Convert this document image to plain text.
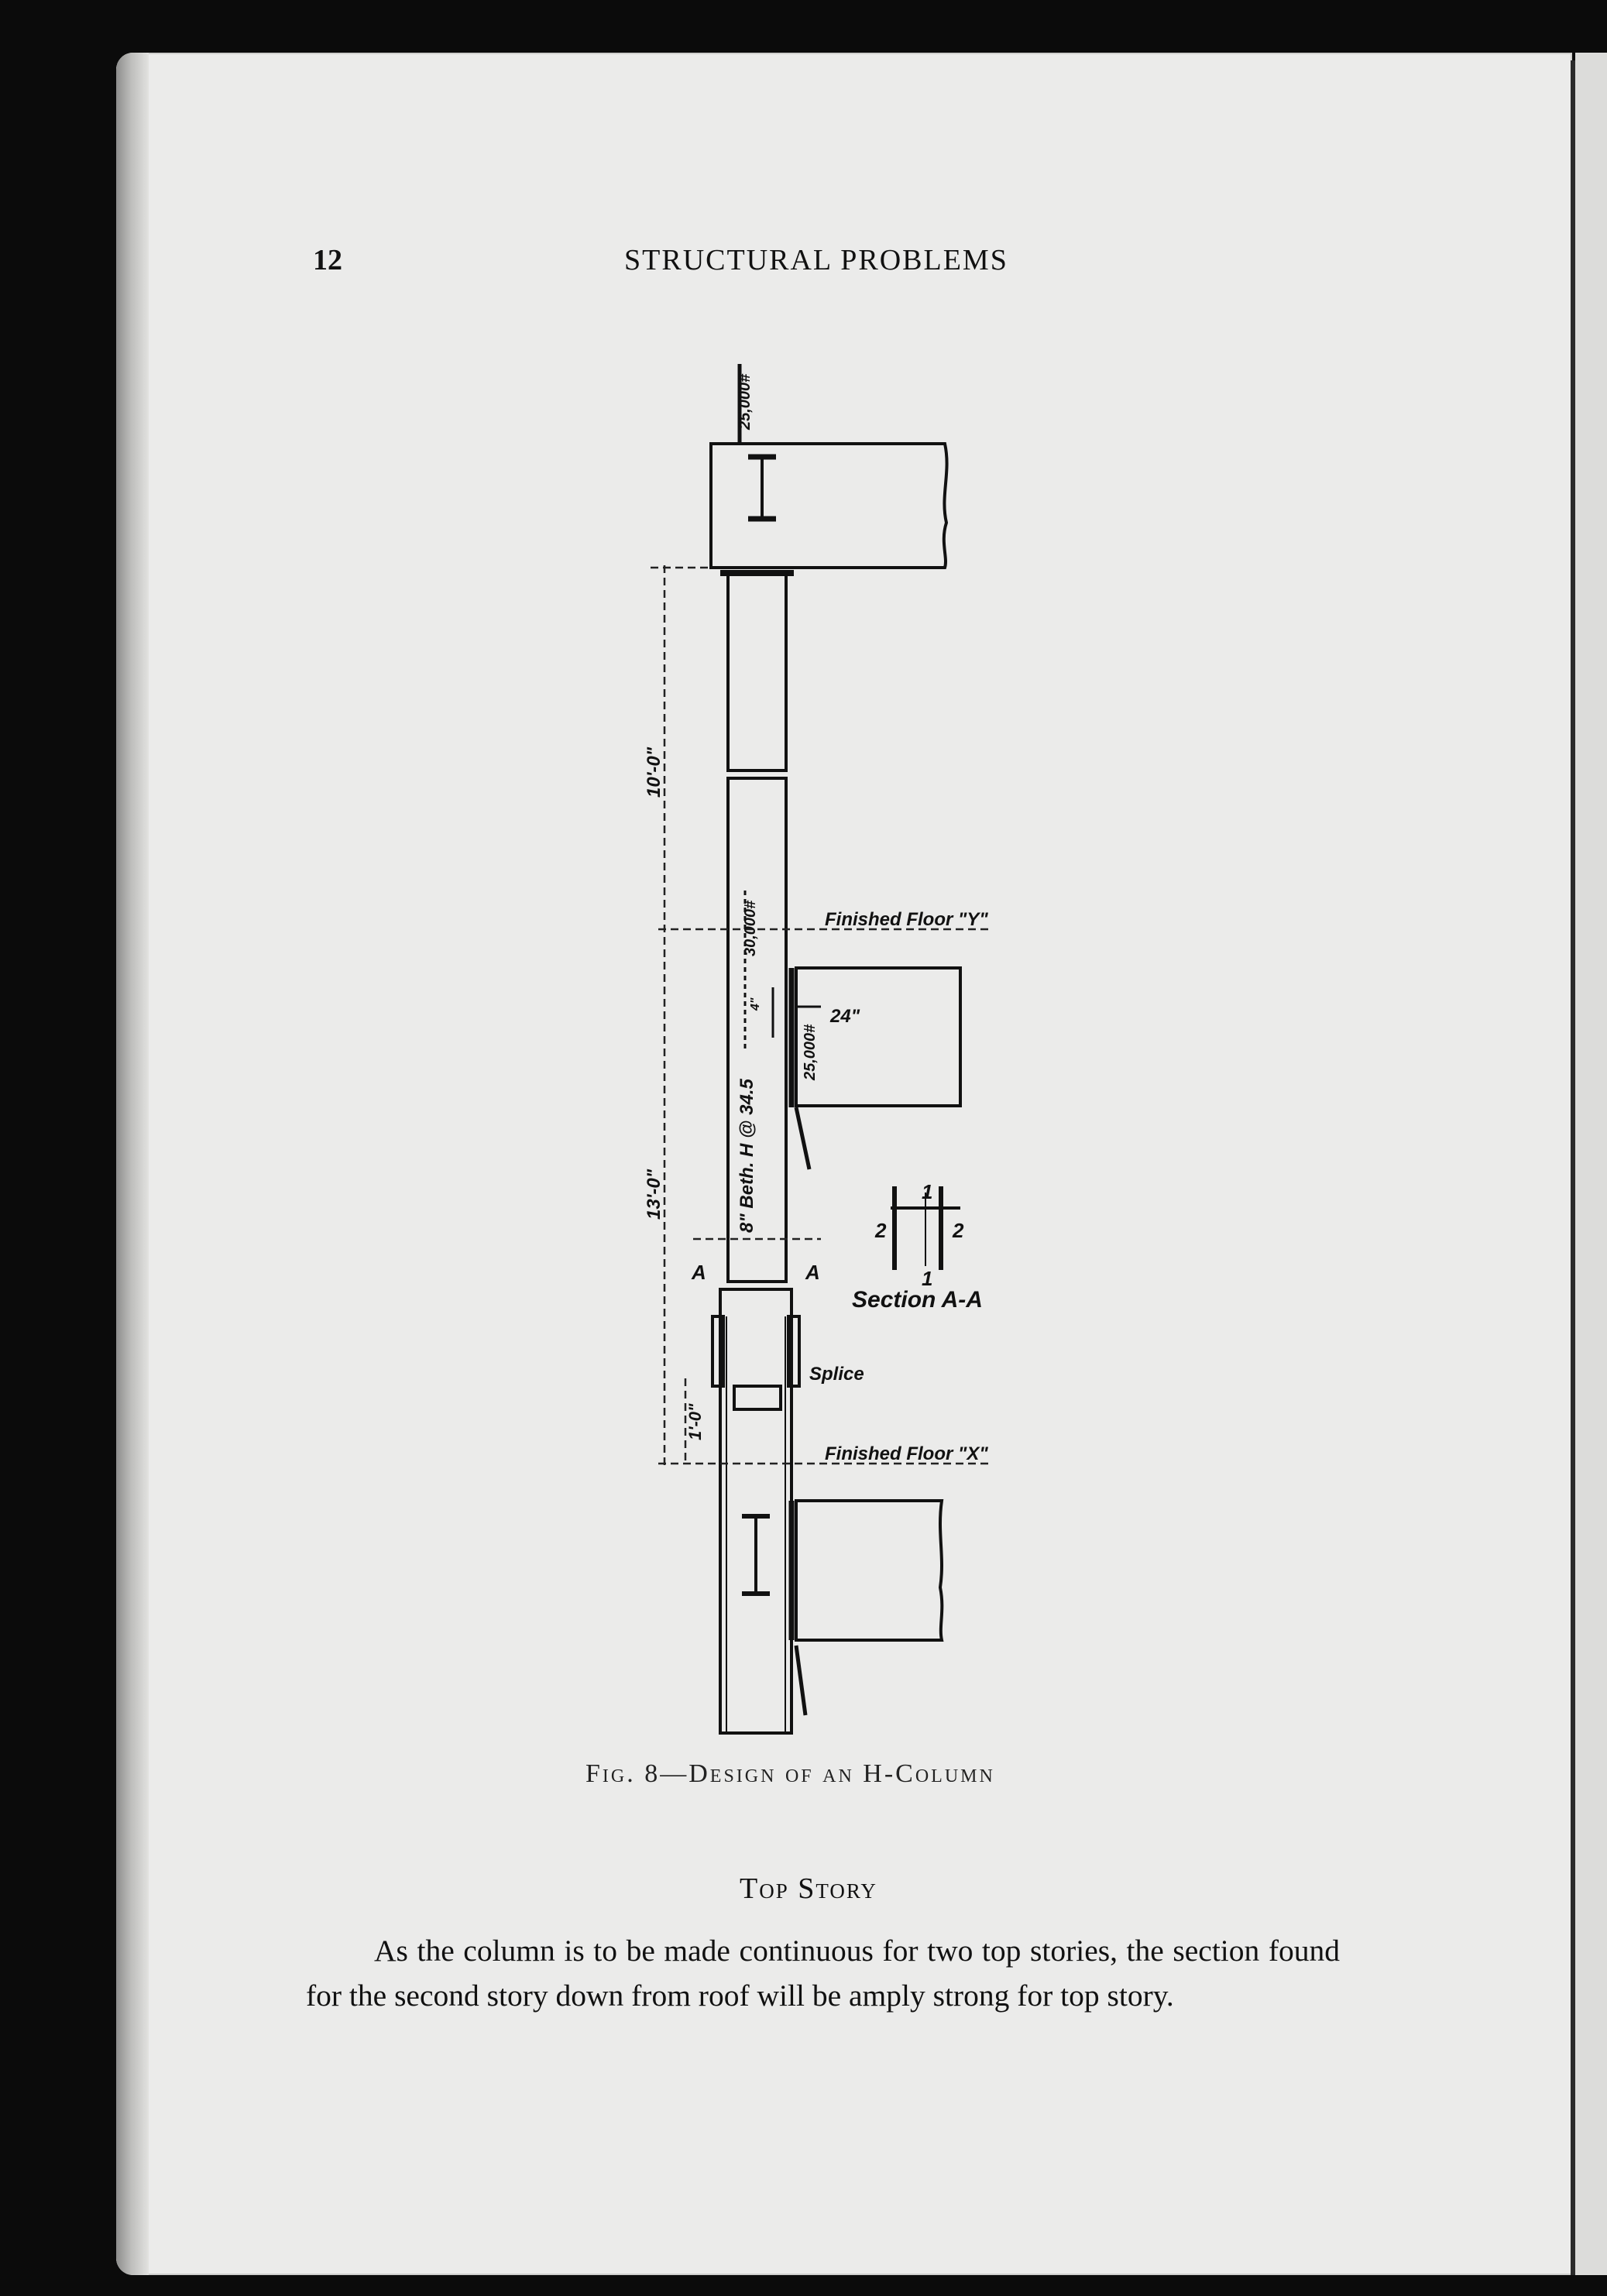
12	STRUCTURAL PROBLEMS
2	2
1
1
Section A-A
A	A
Finished Floor "Y"
Finished Floor "X"
Splice
24"
25,000#
10'-0"
13'-0"
1'-0"
30,000#
4"
25,000#
8" Beth. H @ 34.5
Fig. 8—Design of an H-Column
Top Story

As the column is to be made continuous for two top stories, the section found for the second story down from roof will be amply strong for top story.
